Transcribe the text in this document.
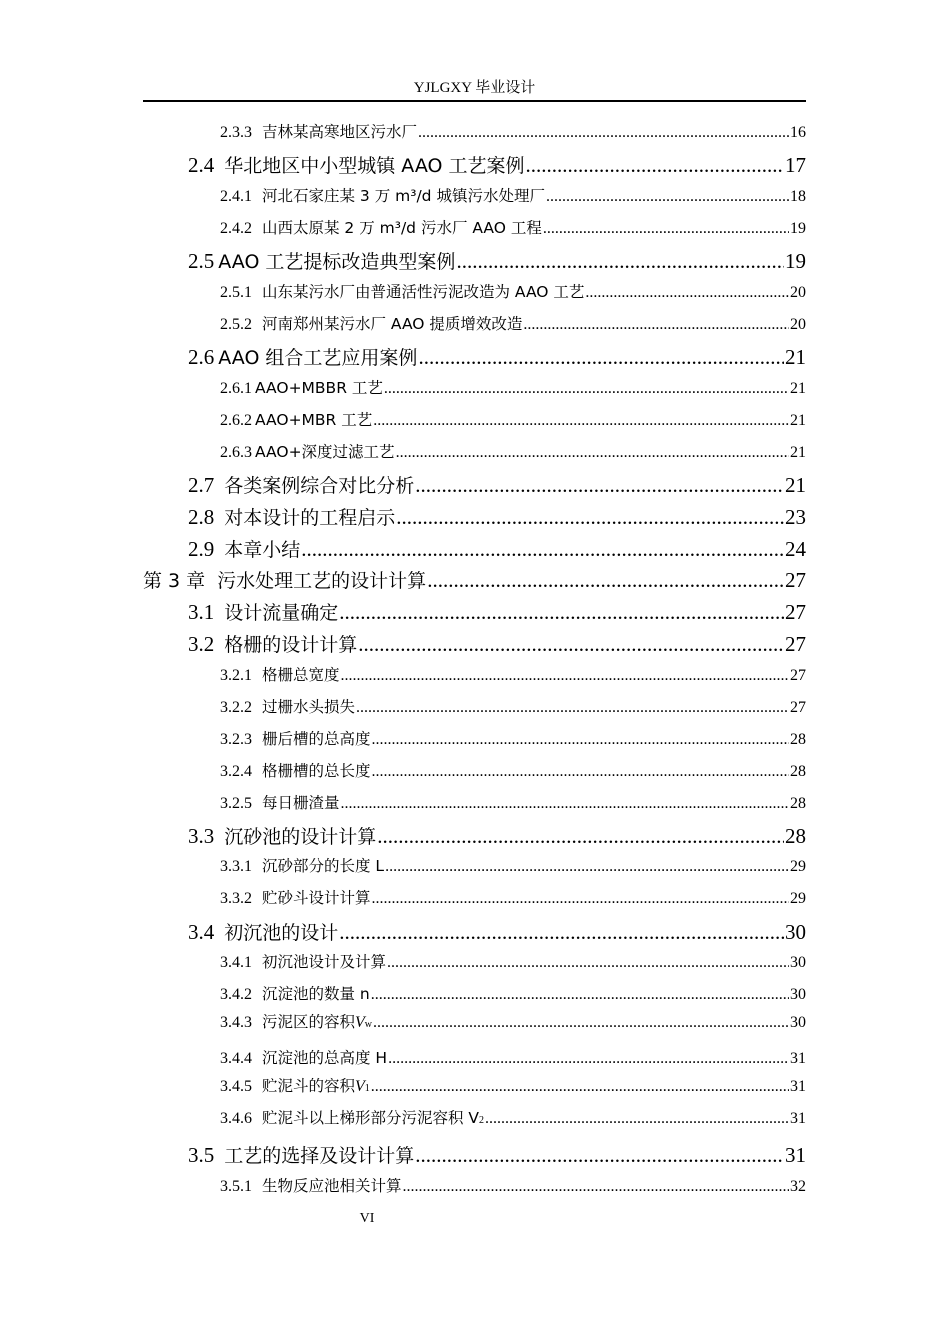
YJLGXY 毕业设计
2.3.3 吉林某高寒地区污水厂 .....	16
2.4 华北地区中小型城镇 AAO 工艺案例 .....	17
2.4.1 河北石家庄某 3 万 m³/d 城镇污水处理厂 .....	18
2.4.2 山西太原某 2 万 m³/d 污水厂 AAO 工程 .....	19
2.5 AAO 工艺提标改造典型案例 .....	19
2.5.1 山东某污水厂由普通活性污泥改造为 AAO 工艺 .....	20
2.5.2 河南郑州某污水厂 AAO 提质增效改造 .....	20
2.6 AAO 组合工艺应用案例 .....	21
2.6.1 AAO+MBBR 工艺 .....	21
2.6.2 AAO+MBR 工艺 .....	21
2.6.3 AAO+深度过滤工艺 .....	21
2.7 各类案例综合对比分析 .....	21
2.8 对本设计的工程启示 .....	23
2.9 本章小结 .....	24
第 3 章 污水处理工艺的设计计算 .....	27
3.1 设计流量确定 .....	27
3.2 格栅的设计计算 .....	27
3.2.1 格栅总宽度 .....	27
3.2.2 过栅水头损失 .....	27
3.2.3 栅后槽的总高度 .....	28
3.2.4 格栅槽的总长度 .....	28
3.2.5 每日栅渣量 .....	28
3.3 沉砂池的设计计算 .....	28
3.3.1 沉砂部分的长度 L .....	29
3.3.2 贮砂斗设计计算 .....	29
3.4 初沉池的设计 .....	30
3.4.1 初沉池设计及计算 .....	30
3.4.2 沉淀池的数量 n .....	30
3.4.3 污泥区的容积 V w .....	30
3.4.4 沉淀池的总高度 H .....	31
3.4.5 贮泥斗的容积 V 1 .....	31
3.4.6 贮泥斗以上梯形部分污泥容积 $V_2$ .....	31
3.5 工艺的选择及设计计算 .....	31
3.5.1 生物反应池相关计算 .....	32
VI
